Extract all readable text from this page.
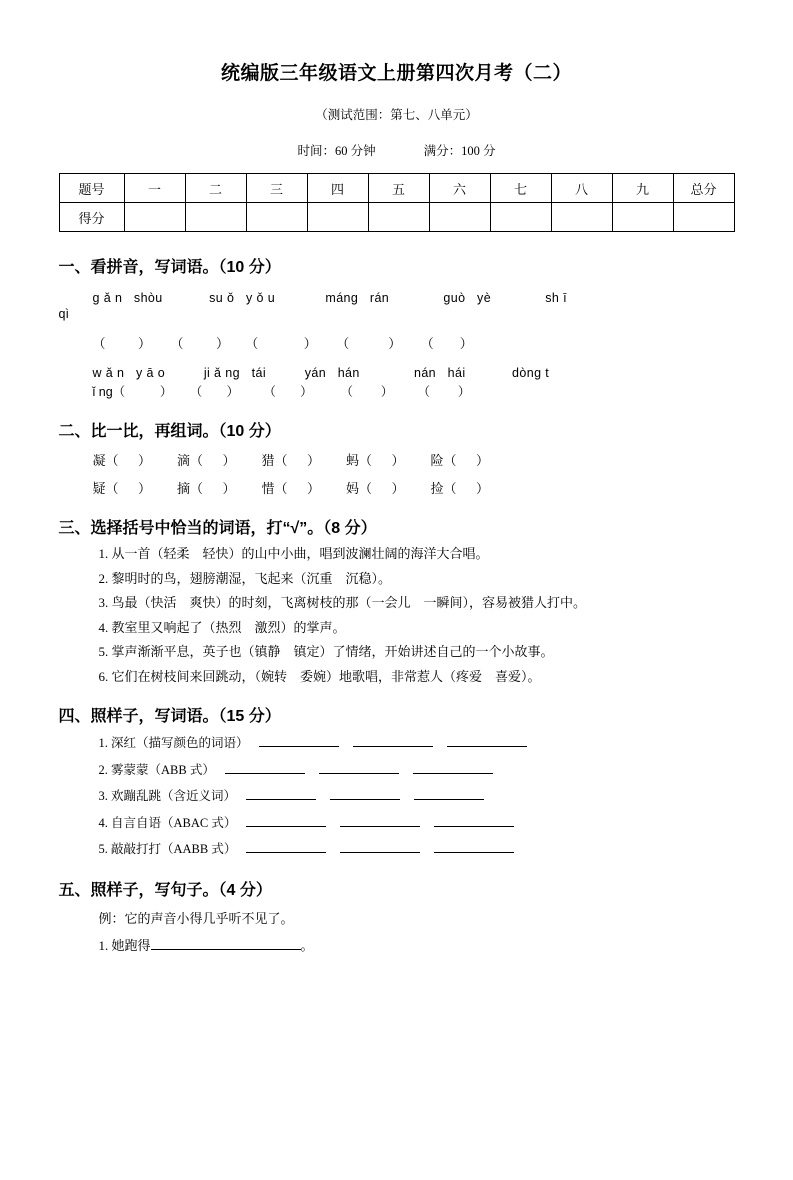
统编版三年级语文上册第四次月考（二）
（测试范围：第七、八单元）
时间：60 分钟	满分：100 分
题号	一	二	三	四	五	六	七	八	九	总分
得分										
一、看拼音，写词语。（10 分）
g ǎ n   shòu            su ǒ   y ǒ u             máng   rán              guò   yè              sh ī
qì
（          ）      （          ）     （              ）      （            ）      （        ）
w ǎ n   y ā o          ji ǎ ng   tái          yán   hán              nán   hái            dòng t
ǐ ng（          ）     （       ）       （       ）        （        ）       （        ）
二、比一比，再组词。（10 分）
凝（      ）        滴（      ）        猎（      ）        蚂（      ）        险（      ）
疑（      ）        摘（      ）        惜（      ）        妈（      ）        捡（      ）
三、选择括号中恰当的词语，打“√”。（8 分）
1. 从一首（轻柔　轻快）的山中小曲，唱到波澜壮阔的海洋大合唱。
2. 黎明时的鸟，翅膀潮湿，飞起来（沉重　沉稳）。
3. 鸟最（快活　爽快）的时刻，飞离树枝的那（一会儿　一瞬间），容易被猎人打中。
4. 教室里又响起了（热烈　激烈）的掌声。
5. 掌声渐渐平息，英子也（镇静　镇定）了情绪，开始讲述自己的一个小故事。
6. 它们在树枝间来回跳动，（婉转　委婉）地歌唱，非常惹人（疼爱　喜爱）。
四、照样子，写词语。（15 分）
1. 深红（描写颜色的词语）
2. 雾蒙蒙（ABB 式）
3. 欢蹦乱跳（含近义词）
4. 自言自语（ABAC 式）
5. 敲敲打打（AABB 式）
五、照样子，写句子。（4 分）
例：它的声音小得几乎听不见了。
1. 她跑得	。
